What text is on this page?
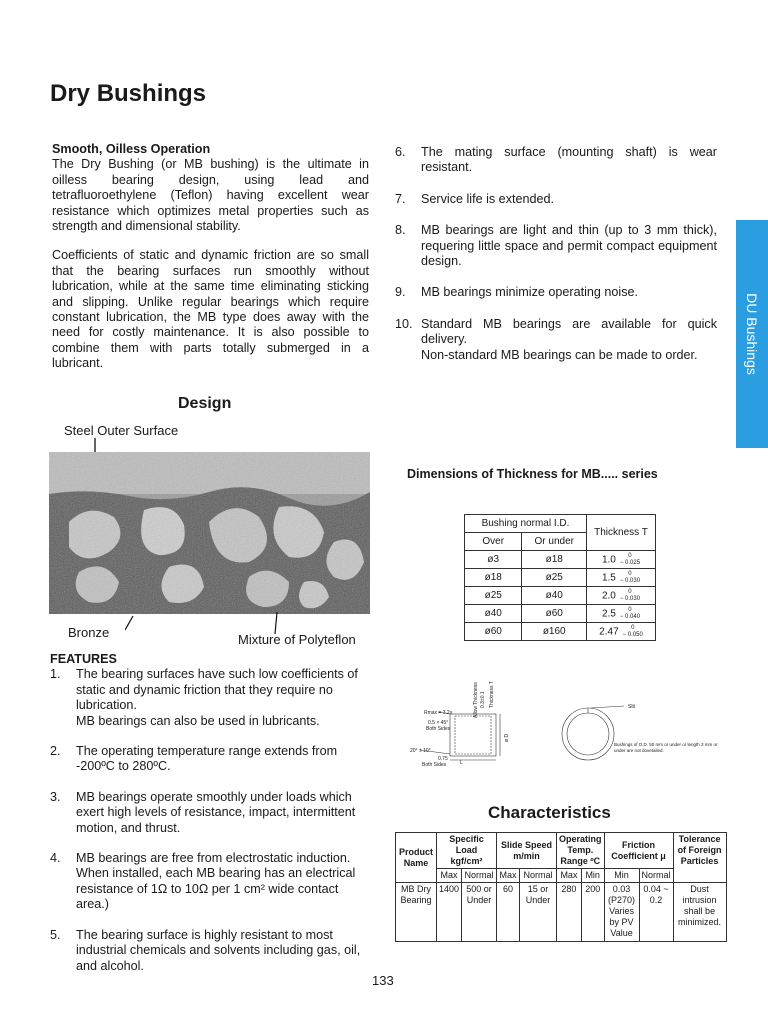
Dry Bushings
DU Bushings

Smooth, Oilless Operation
The Dry Bushing (or MB bushing) is the ultimate in oilless bearing design, using lead and tetrafluoroethylene (Teflon) having excellent wear resistance which optimizes metal properties such as strength and dimensional stability.

Coefficients of static and dynamic friction are so small that the bearing surfaces run smoothly without lubrication, while at the same time eliminating sticking and slipping. Unlike regular bearings which require constant lubrication, the MB type does away with the need for costly maintenance. It is also possible to combine them with parts totally submerged in a lubricant.

6.	The mating surface (mounting shaft) is wear resistant.
7.	Service life is extended.
8.	MB bearings are light and thin (up to 3 mm thick), requering little space and permit compact equipment design.
9.	MB bearings minimize operating noise.
10. Standard MB bearings are available for quick delivery.
Non-standard MB bearings can be made to order.
Design
Steel Outer Surface
Bronze	Mixture of Polyteflon
FEATURES
1.	The bearing surfaces have such low coefficients of static and dynamic friction that they require no lubrication.
MB bearings can also be used in lubricants.
2.	The operating temperature range extends from -200ºC to 280ºC.
3.	MB bearings operate smoothly under loads which exert high levels of resistance, impact, intermittent motion, and thrust.
4.	MB bearings are free from electrostatic induction. When installed, each MB bearing has an electrical resistance of 1Ω to 10Ω per 1 cm² wide contact area.)
5.	The bearing surface is highly resistant to most industrial chemicals and solvents including gas, oil, and alcohol.
Dimensions of Thickness for MB..... series
Bushing normal I.D.		Thickness T
Over	Or under	
ø3	ø18	1.0 0
− 0.025
ø18	ø25	1.5 0
− 0.030
ø25	ø40	2.0 0
− 0.030
ø40	ø60	2.5 0
− 0.040
ø60	ø160	2.47 0
− 0.050
Rmax = 3.2s
0.5 × 45°
Both Sides
20° ± 10°
0.75
Both Sides	L
Allow Thickness 0.3±0.1 Thickness T
ø D
Slit
Bushings of O.D. 50 mm or under or length 3 mm or under are not dovetailed.
Characteristics
Product Name	Specific Load kgf/cm²		Slide Speed m/min		Operating Temp. Range ºC		Friction Coefficient μ		Tolerance of Foreign Particles
	Max	Normal	Max	Normal	Max	Min	Min	Normal	
MB Dry Bearing	1400	500 or Under	60	15 or Under	280	200	0.03 (P270) Varies by PV Value	0.04 ~ 0.2	Dust intrusion shall be minimized.
133
